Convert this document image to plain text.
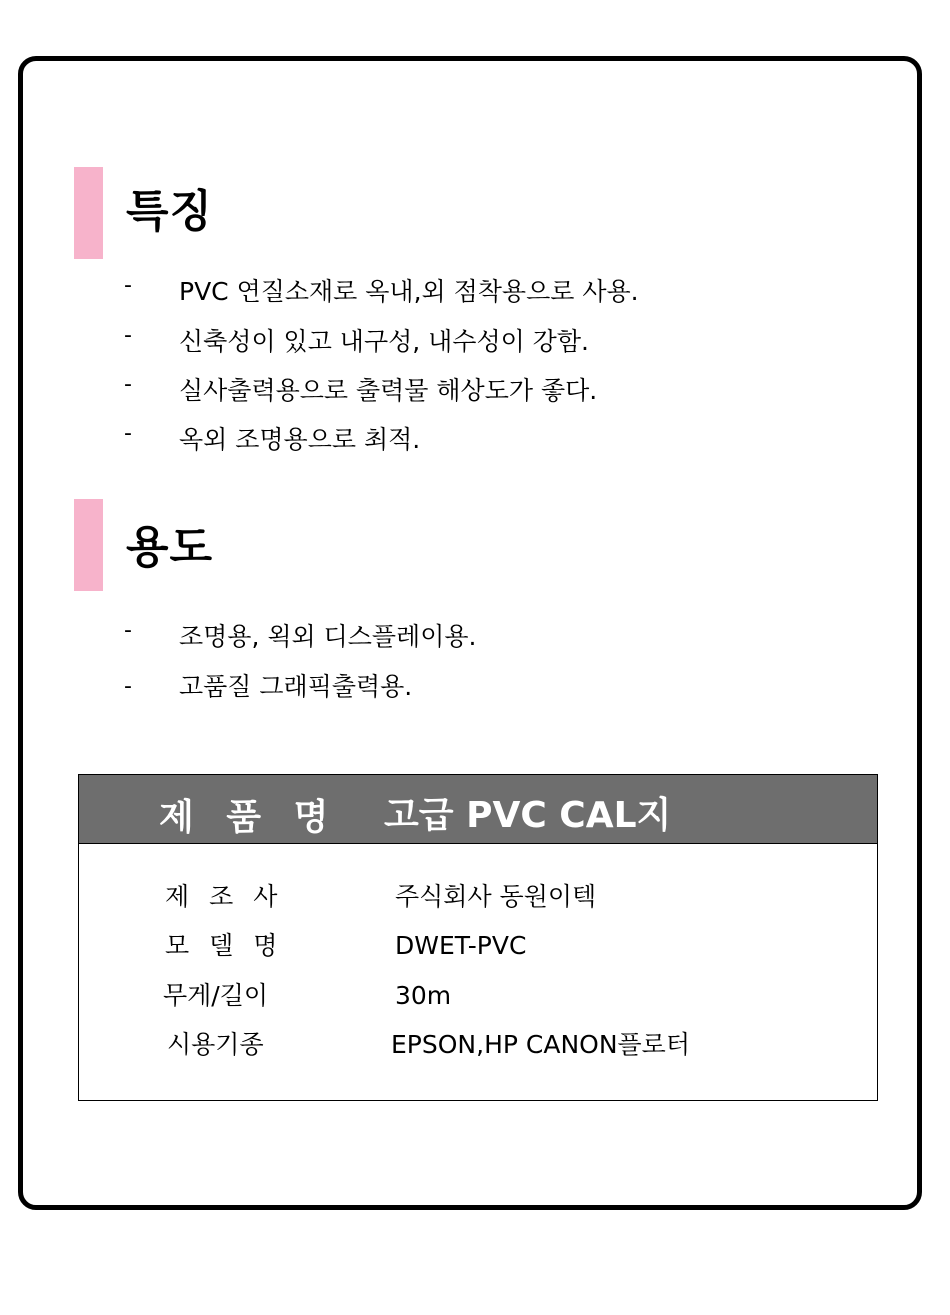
특징
- PVC 연질소재로 옥내,외 점착용으로 사용.
- 신축성이 있고 내구성, 내수성이 강함.
- 실사출력용으로 출력물 해상도가 좋다.
- 옥외 조명용으로 최적.
용도
- 조명용, 왹외 디스플레이용.
- 고품질 그래픽출력용.
제 품 명 고급 PVC CAL지
제 조 사	주식회사 동원이텍
모 델 명	DWET-PVC
무게/길이	30m
시용기종	EPSON,HP CANON플로터
